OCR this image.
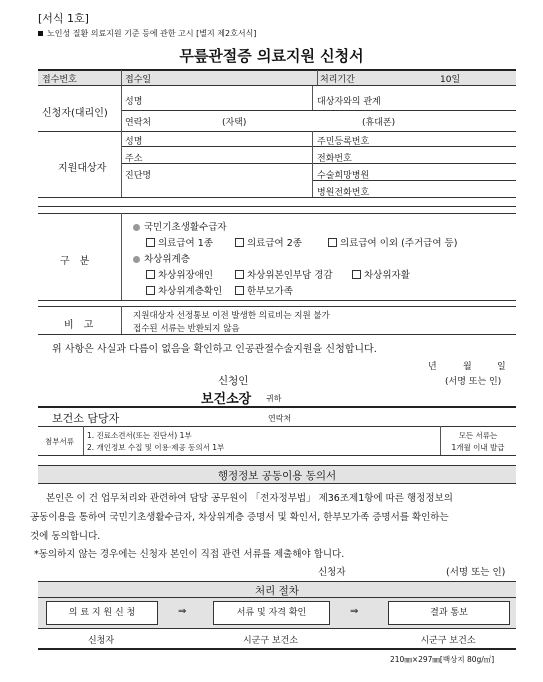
[서식 1호]
노인성 질환 의료지원 기준 등에 관한 고시 [별지 제2호서식]
무릎관절증 의료지원 신청서
접수번호	접수일	처리기간	10일
신청자(대리인)
성명	대상자와의 관계
연락처	(자택)	(휴대폰)
지원대상자
성명	주민등록번호
주소	전화번호
진단명	수술희망병원
병원전화번호
구　분
국민기초생활수급자
의료급여 1종	의료급여 2종	의료급여 이외 (주거급여 등)
차상위계층
차상위장애인	차상위본인부담 경감	차상위자활
차상위계층확인	한부모가족
비　고
지원대상자 선정통보 이전 발생한 의료비는 지원 불가
접수된 서류는 반환되지 않음
위 사항은 사실과 다름이 없음을 확인하고 인공관절수술지원을 신청합니다.
년	월	일
신청인	(서명 또는 인)
보건소장 귀하
보건소 담당자	연락처
첨부서류
1. 진료소견서(또는 진단서) 1부
2. 개인정보 수집 및 이용·제공 동의서 1부
모든 서류는
1개월 이내 발급
행정정보 공동이용 동의서
본인은 이 건 업무처리와 관련하여 담당 공무원이 「전자정부법」 제36조제1항에 따른 행정정보의
공동이용을 통하여 국민기초생활수급자, 차상위계층 증명서 및 확인서, 한부모가족 증명서를 확인하는
것에 동의합니다.
*동의하지 않는 경우에는 신청자 본인이 직접 관련 서류를 제출해야 합니다.
신청자	(서명 또는 인)
처리 절차
의 료 지 원 신 청	⇒	서류 및 자격 확인	⇒	결과 통보
신청자	시군구 보건소	시군구 보건소
210㎜×297㎜[백상지 80g/㎡]
